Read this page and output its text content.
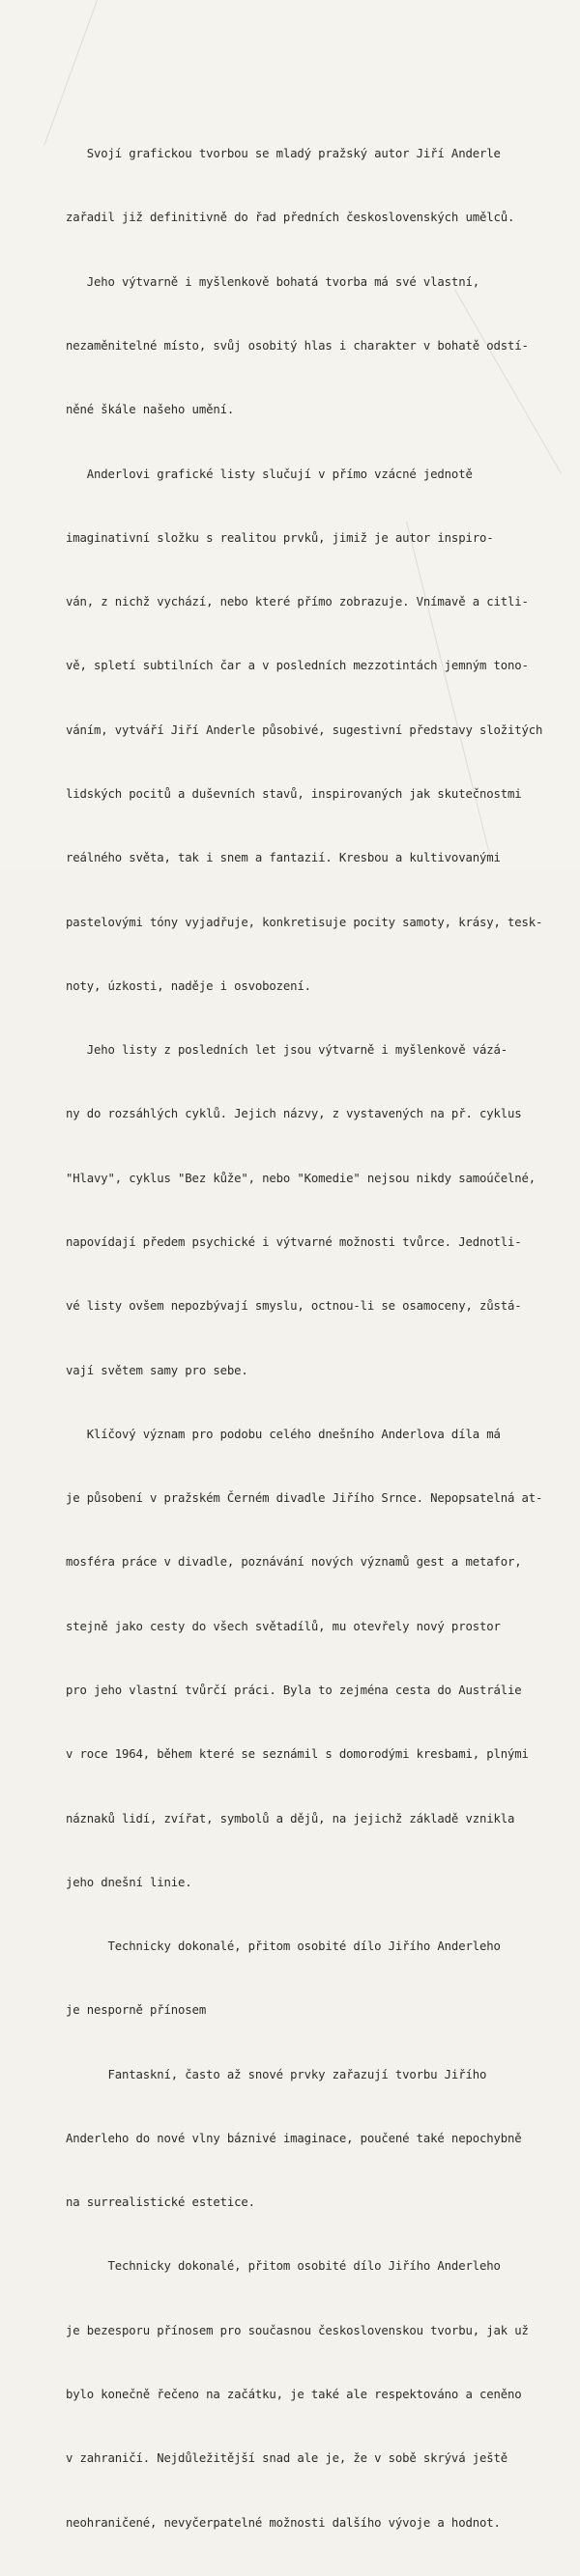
Svojí grafickou tvorbou se mladý pražský autor Jiří Anderle

zařadil již definitivně do řad předních československých umělců.

Jeho výtvarně i myšlenkově bohatá tvorba má své vlastní,

nezaměnitelné místo, svůj osobitý hlas i charakter v bohatě odstí-

něné škále našeho umění.

Anderlovi grafické listy slučují v přímo vzácné jednotě

imaginativní složku s realitou prvků, jimiž je autor inspiro-

ván, z nichž vychází, nebo které přímo zobrazuje. Vnímavě a citli-

vě, spletí subtilních čar a v posledních mezzotintách jemným tono-

váním, vytváří Jiří Anderle působivé, sugestivní představy složitých

lidských pocitů a duševních stavů, inspirovaných jak skutečnostmi

reálného světa, tak i snem a fantazií. Kresbou a kultivovanými

pastelovými tóny vyjadřuje, konkretisuje pocity samoty, krásy, tesk-

noty, úzkosti, naděje i osvobození.

Jeho listy z posledních let jsou výtvarně i myšlenkově vázá-

ny do rozsáhlých cyklů. Jejich názvy, z vystavených na př. cyklus

"Hlavy", cyklus "Bez kůže", nebo "Komedie" nejsou nikdy samoúčelné,

napovídají předem psychické i výtvarné možnosti tvůrce. Jednotli-

vé listy ovšem nepozbývají smyslu, octnou-li se osamoceny, zůstá-

vají světem samy pro sebe.

Klíčový význam pro podobu celého dnešního Anderlova díla má

je působení v pražském Černém divadle Jiřího Srnce. Nepopsatelná at-

mosféra práce v divadle, poznávání nových významů gest a metafor,

stejně jako cesty do všech světadílů, mu otevřely nový prostor

pro jeho vlastní tvůrčí práci. Byla to zejména cesta do Austrálie

v roce 1964, během které se seznámil s domorodými kresbami, plnými

náznaků lidí, zvířat, symbolů a dějů, na jejichž základě vznikla

jeho dnešní linie.

Technicky dokonalé, přitom osobité dílo Jiřího Anderleho

je nesporně přínosem

Fantaskní, často až snové prvky zařazují tvorbu Jiřího

Anderleho do nové vlny báznivé imaginace, poučené také nepochybně

na surrealistické estetice.

Technicky dokonalé, přitom osobité dílo Jiřího Anderleho

je bezesporu přínosem pro současnou československou tvorbu, jak už

bylo konečně řečeno na začátku, je také ale respektováno a ceněno

v zahraničí. Nejdůležitější snad ale je, že v sobě skrývá ještě

neohraničené, nevyčerpatelné možnosti dalšího vývoje a hodnot.
